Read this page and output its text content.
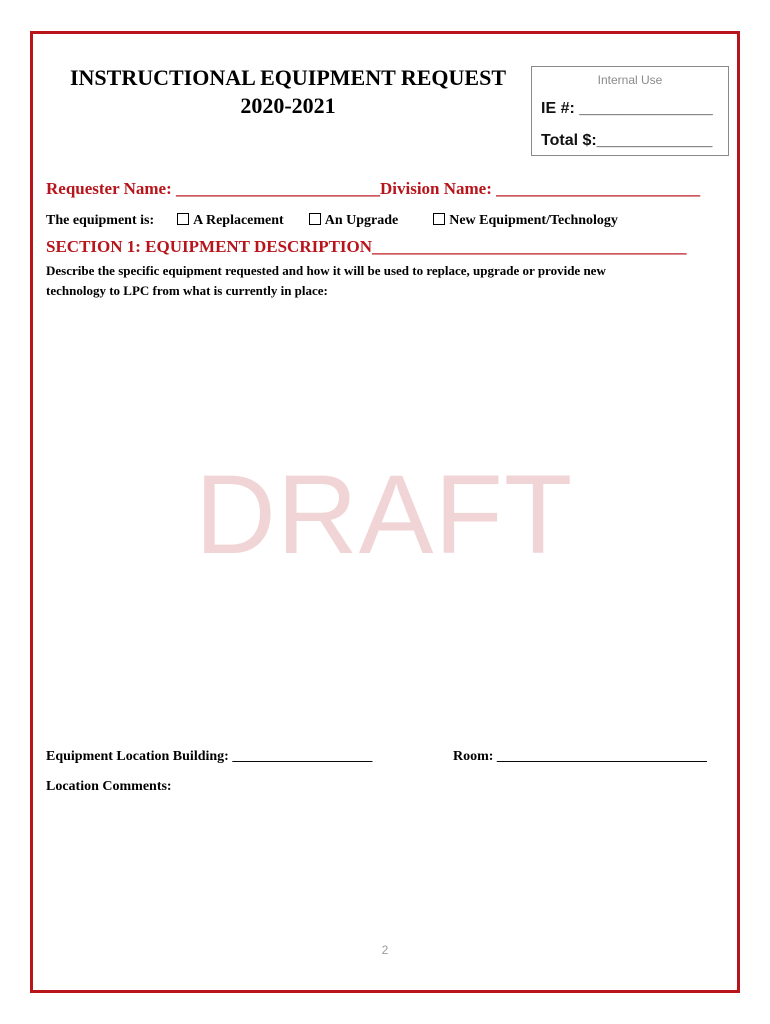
INSTRUCTIONAL EQUIPMENT REQUEST
2020-2021
Internal Use
IE #: _______________
Total $:_____________
Requester Name: ________________________Division Name: ________________________
The equipment is:	A Replacement	An Upgrade	New Equipment/Technology
SECTION 1: EQUIPMENT DESCRIPTION_____________________________________
Describe the specific equipment requested and how it will be used to replace, upgrade or provide new
technology to LPC from what is currently in place:
DRAFT
Equipment Location Building: ____________________	Room: ______________________________
Location Comments:
2
